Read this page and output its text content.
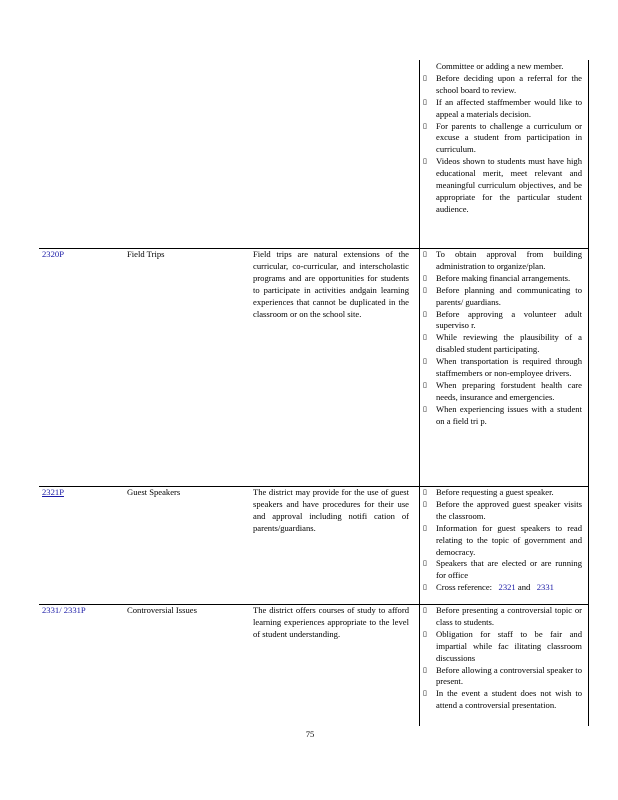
Committee or adding a new member.
▯ Before deciding upon a referral for the school board to review.
▯ If an affected staffmember would like to appeal a materials decision.
▯ For parents to challenge a curriculum or excuse a student from participation in curriculum.
▯ Videos shown to students must have high educational merit, meet relevant and meaningful curriculum objectives, and be appropriate for the particular student audience.
2320P	Field Trips	Field trips are natural extensions of the curricular, co-curricular, and interscholastic programs and are opportunities for students to participate in activities andgain learning experiences that cannot be duplicated in the classroom or on the school site.
▯ To obtain approval from building administration to organize/plan.
▯ Before making financial arrangements.
▯ Before planning and communicating to parents/ guardians.
▯ Before approving a volunteer adult superviso r.
▯ While reviewing the plausibility of a disabled student participating.
▯ When transportation is required through staffmembers or non-employee drivers.
▯ When preparing forstudent health care needs, insurance and emergencies.
▯ When experiencing issues with a student on a field tri p.
2321P	Guest Speakers	The district may provide for the use of guest speakers and have procedures for their use and approval including notifi cation of parents/guardians.
▯ Before requesting a guest speaker.
▯ Before the approved guest speaker visits the classroom.
▯ Information for guest speakers to read relating to the topic of government and democracy.
▯ Speakers that are elected or are running for office
▯ Cross reference: 2321 and 2331
2331/ 2331P	Controversial Issues	The district offers courses of study to afford learning experiences appropriate to the level of student understanding.
▯ Before presenting a controversial topic or class to students.
▯ Obligation for staff to be fair and impartial while fac ilitating classroom discussions
▯ Before allowing a controversial speaker to present.
▯ In the event a student does not wish to attend a controversial presentation.
75
